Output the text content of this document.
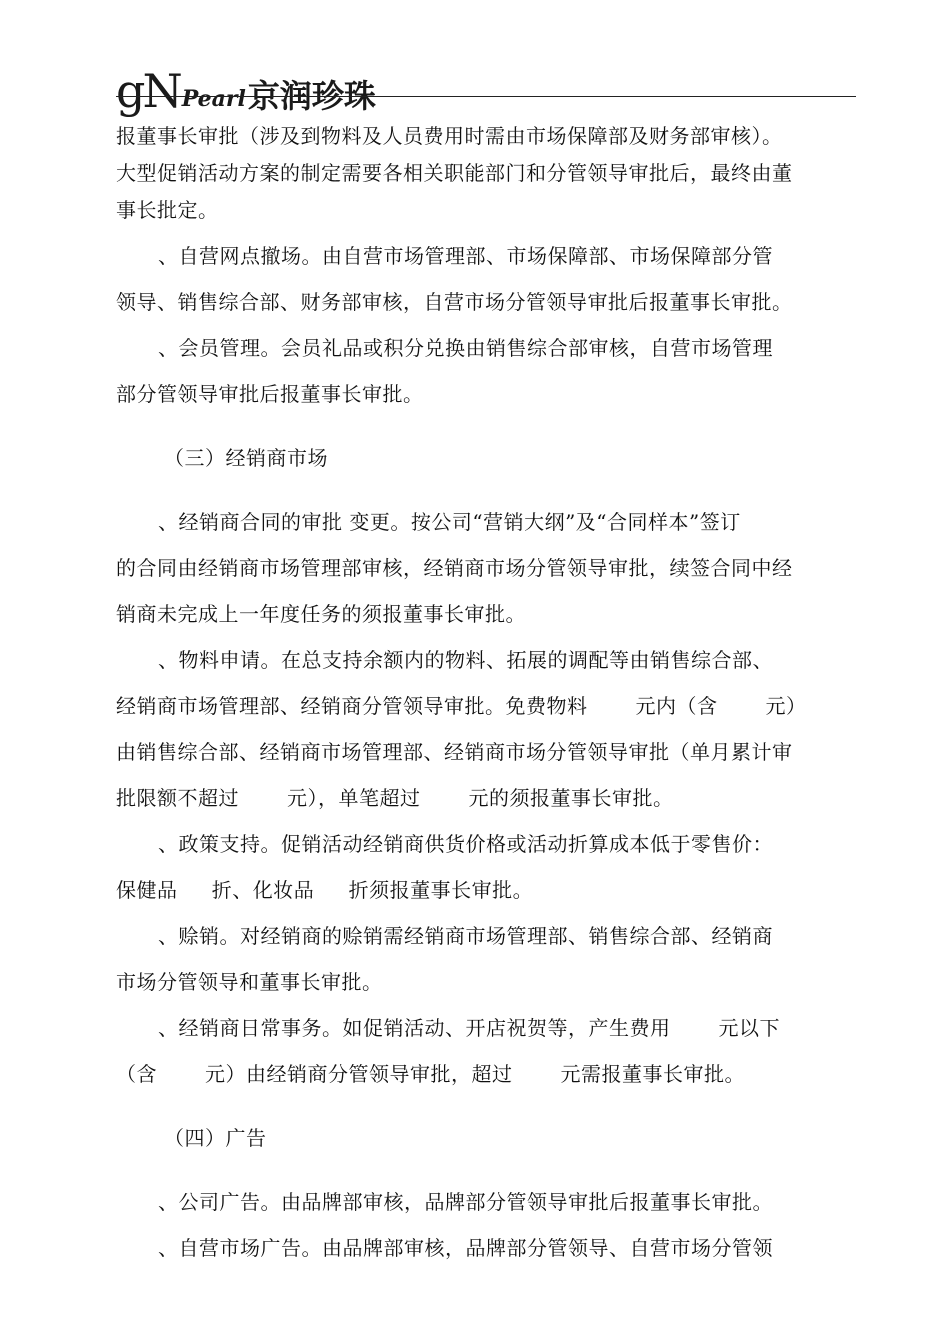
gN Pearl 京润珍珠
报董事长审批（涉及到物料及人员费用时需由市场保障部及财务部审核）。
大型促销活动方案的制定需要各相关职能部门和分管领导审批后，最终由董
事长批定。
、自营网点撤场。由自营市场管理部、市场保障部、市场保障部分管
领导、销售综合部、财务部审核，自营市场分管领导审批后报董事长审批。
、会员管理。会员礼品或积分兑换由销售综合部审核，自营市场管理
部分管领导审批后报董事长审批。
（三）经销商市场
、经销商合同的审批 变更。按公司“营销大纲”及“合同样本”签订
的合同由经销商市场管理部审核，经销商市场分管领导审批，续签合同中经
销商未完成上一年度任务的须报董事长审批。
、物料申请。在总支持余额内的物料、拓展的调配等由销售综合部、
经销商市场管理部、经销商分管领导审批。免费物料       元内（含       元）
由销售综合部、经销商市场管理部、经销商市场分管领导审批（单月累计审
批限额不超过       元），单笔超过       元的须报董事长审批。
、政策支持。促销活动经销商供货价格或活动折算成本低于零售价：
保健品     折、化妆品     折须报董事长审批。
、赊销。对经销商的赊销需经销商市场管理部、销售综合部、经销商
市场分管领导和董事长审批。
、经销商日常事务。如促销活动、开店祝贺等，产生费用       元以下
（含       元）由经销商分管领导审批，超过       元需报董事长审批。
（四）广告
、公司广告。由品牌部审核，品牌部分管领导审批后报董事长审批。
、自营市场广告。由品牌部审核，品牌部分管领导、自营市场分管领
